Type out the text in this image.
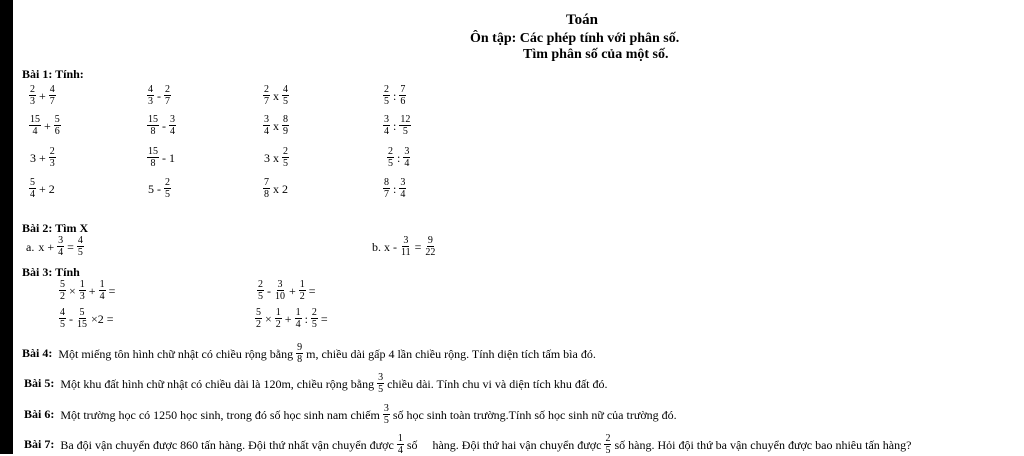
Toán
Ôn tập: Các phép tính với phân số.
Tìm phân số của một số.
Bài 1: Tính:
$\frac{2}{3} + \frac{4}{7}$	$\frac{4}{3} - \frac{2}{7}$	$\frac{2}{7}$ x $\frac{4}{5}$	$\frac{2}{5}$ : $\frac{7}{6}$
$\frac{15}{4} + \frac{5}{6}$	$\frac{15}{8} - \frac{3}{4}$	$\frac{3}{4}$ x $\frac{8}{9}$	$\frac{3}{4}$ : $\frac{12}{5}$
$3 + \frac{2}{3}$	$\frac{15}{8} - 1$	3 x $\frac{2}{5}$	$\frac{2}{5}$ : $\frac{3}{4}$
$\frac{5}{4} + 2$	$5 - \frac{2}{5}$	$\frac{7}{8}$ x 2	$\frac{8}{7}$ : $\frac{3}{4}$
Bài 2: Tìm X
a. $x + \frac{3}{4} = \frac{4}{5}$	b. $x - \frac{3}{11} = \frac{9}{22}$
Bài 3: Tính
$\frac{5}{2} \times \frac{1}{3} + \frac{1}{4}$ =	$\frac{2}{5} - \frac{3}{10} + \frac{1}{2}$ =
$\frac{4}{5} - \frac{5}{15} \times 2$ =	$\frac{5}{2} \times \frac{1}{2} + \frac{1}{4}$ : $\frac{2}{5}$ =
Bài 4: Một miếng tôn hình chữ nhật có chiều rộng bằng $\frac{9}{8} m$, chiều dài gấp 4 lần chiều rộng. Tính diện tích tấm bìa đó.
Bài 5: Một khu đất hình chữ nhật có chiều dài là 120m, chiều rộng bằng $\frac{3}{5}$ chiều dài. Tính chu vi và diện tích khu đất đó.
Bài 6: Một trường học có 1250 học sinh, trong đó số học sinh nam chiếm $\frac{3}{5}$ số học sinh toàn trường.Tính số học sinh nữ của trường đó.
Bài 7: Ba đội vận chuyển được 860 tấn hàng. Đội thứ nhất vận chuyển được $\frac{1}{4}$ số     hàng. Đội thứ hai vận chuyển được $\frac{2}{5}$ số hàng. Hỏi đội thứ ba vận chuyển được bao nhiêu tấn hàng?
